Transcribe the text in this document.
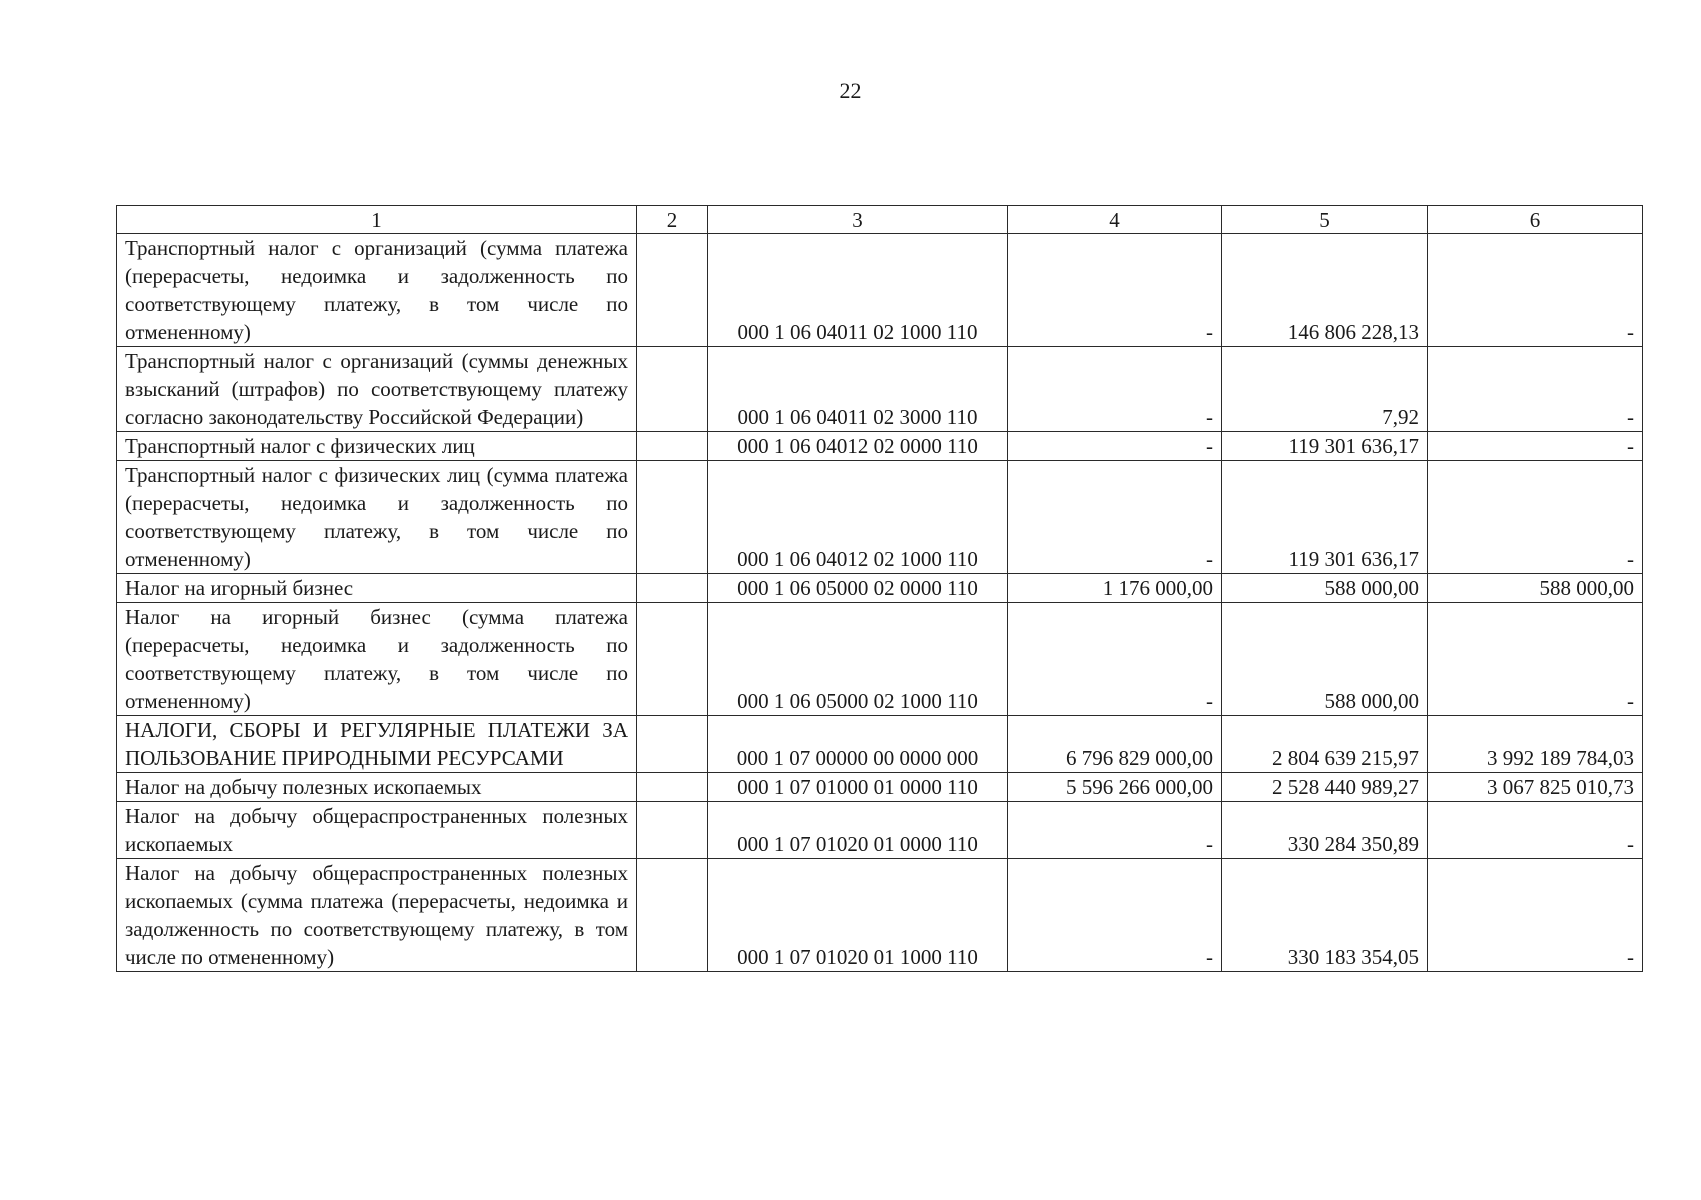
22
1	2	3	4	5	6
Транспортный налог с организаций (сумма платежа (перерасчеты, недоимка и задолженность по соответствующему платежу, в том числе по отмененному)		000 1 06 04011 02 1000 110	-	146 806 228,13	-
Транспортный налог с организаций (суммы денежных взысканий (штрафов) по соответствующему платежу согласно законодательству Российской Федерации)		000 1 06 04011 02 3000 110	-	7,92	-
Транспортный налог с физических лиц		000 1 06 04012 02 0000 110	-	119 301 636,17	-
Транспортный налог с физических лиц (сумма платежа (перерасчеты, недоимка и задолженность по соответствующему платежу, в том числе по отмененному)		000 1 06 04012 02 1000 110	-	119 301 636,17	-
Налог на игорный бизнес		000 1 06 05000 02 0000 110	1 176 000,00	588 000,00	588 000,00
Налог на игорный бизнес (сумма платежа (перерасчеты, недоимка и задолженность по соответствующему платежу, в том числе по отмененному)		000 1 06 05000 02 1000 110	-	588 000,00	-
НАЛОГИ, СБОРЫ И РЕГУЛЯРНЫЕ ПЛАТЕЖИ ЗА ПОЛЬЗОВАНИЕ ПРИРОДНЫМИ РЕСУРСАМИ		000 1 07 00000 00 0000 000	6 796 829 000,00	2 804 639 215,97	3 992 189 784,03
Налог на добычу полезных ископаемых		000 1 07 01000 01 0000 110	5 596 266 000,00	2 528 440 989,27	3 067 825 010,73
Налог на добычу общераспространенных полезных ископаемых		000 1 07 01020 01 0000 110	-	330 284 350,89	-
Налог на добычу общераспространенных полезных ископаемых (сумма платежа (перерасчеты, недоимка и задолженность по соответствующему платежу, в том числе по отмененному)		000 1 07 01020 01 1000 110	-	330 183 354,05	-
